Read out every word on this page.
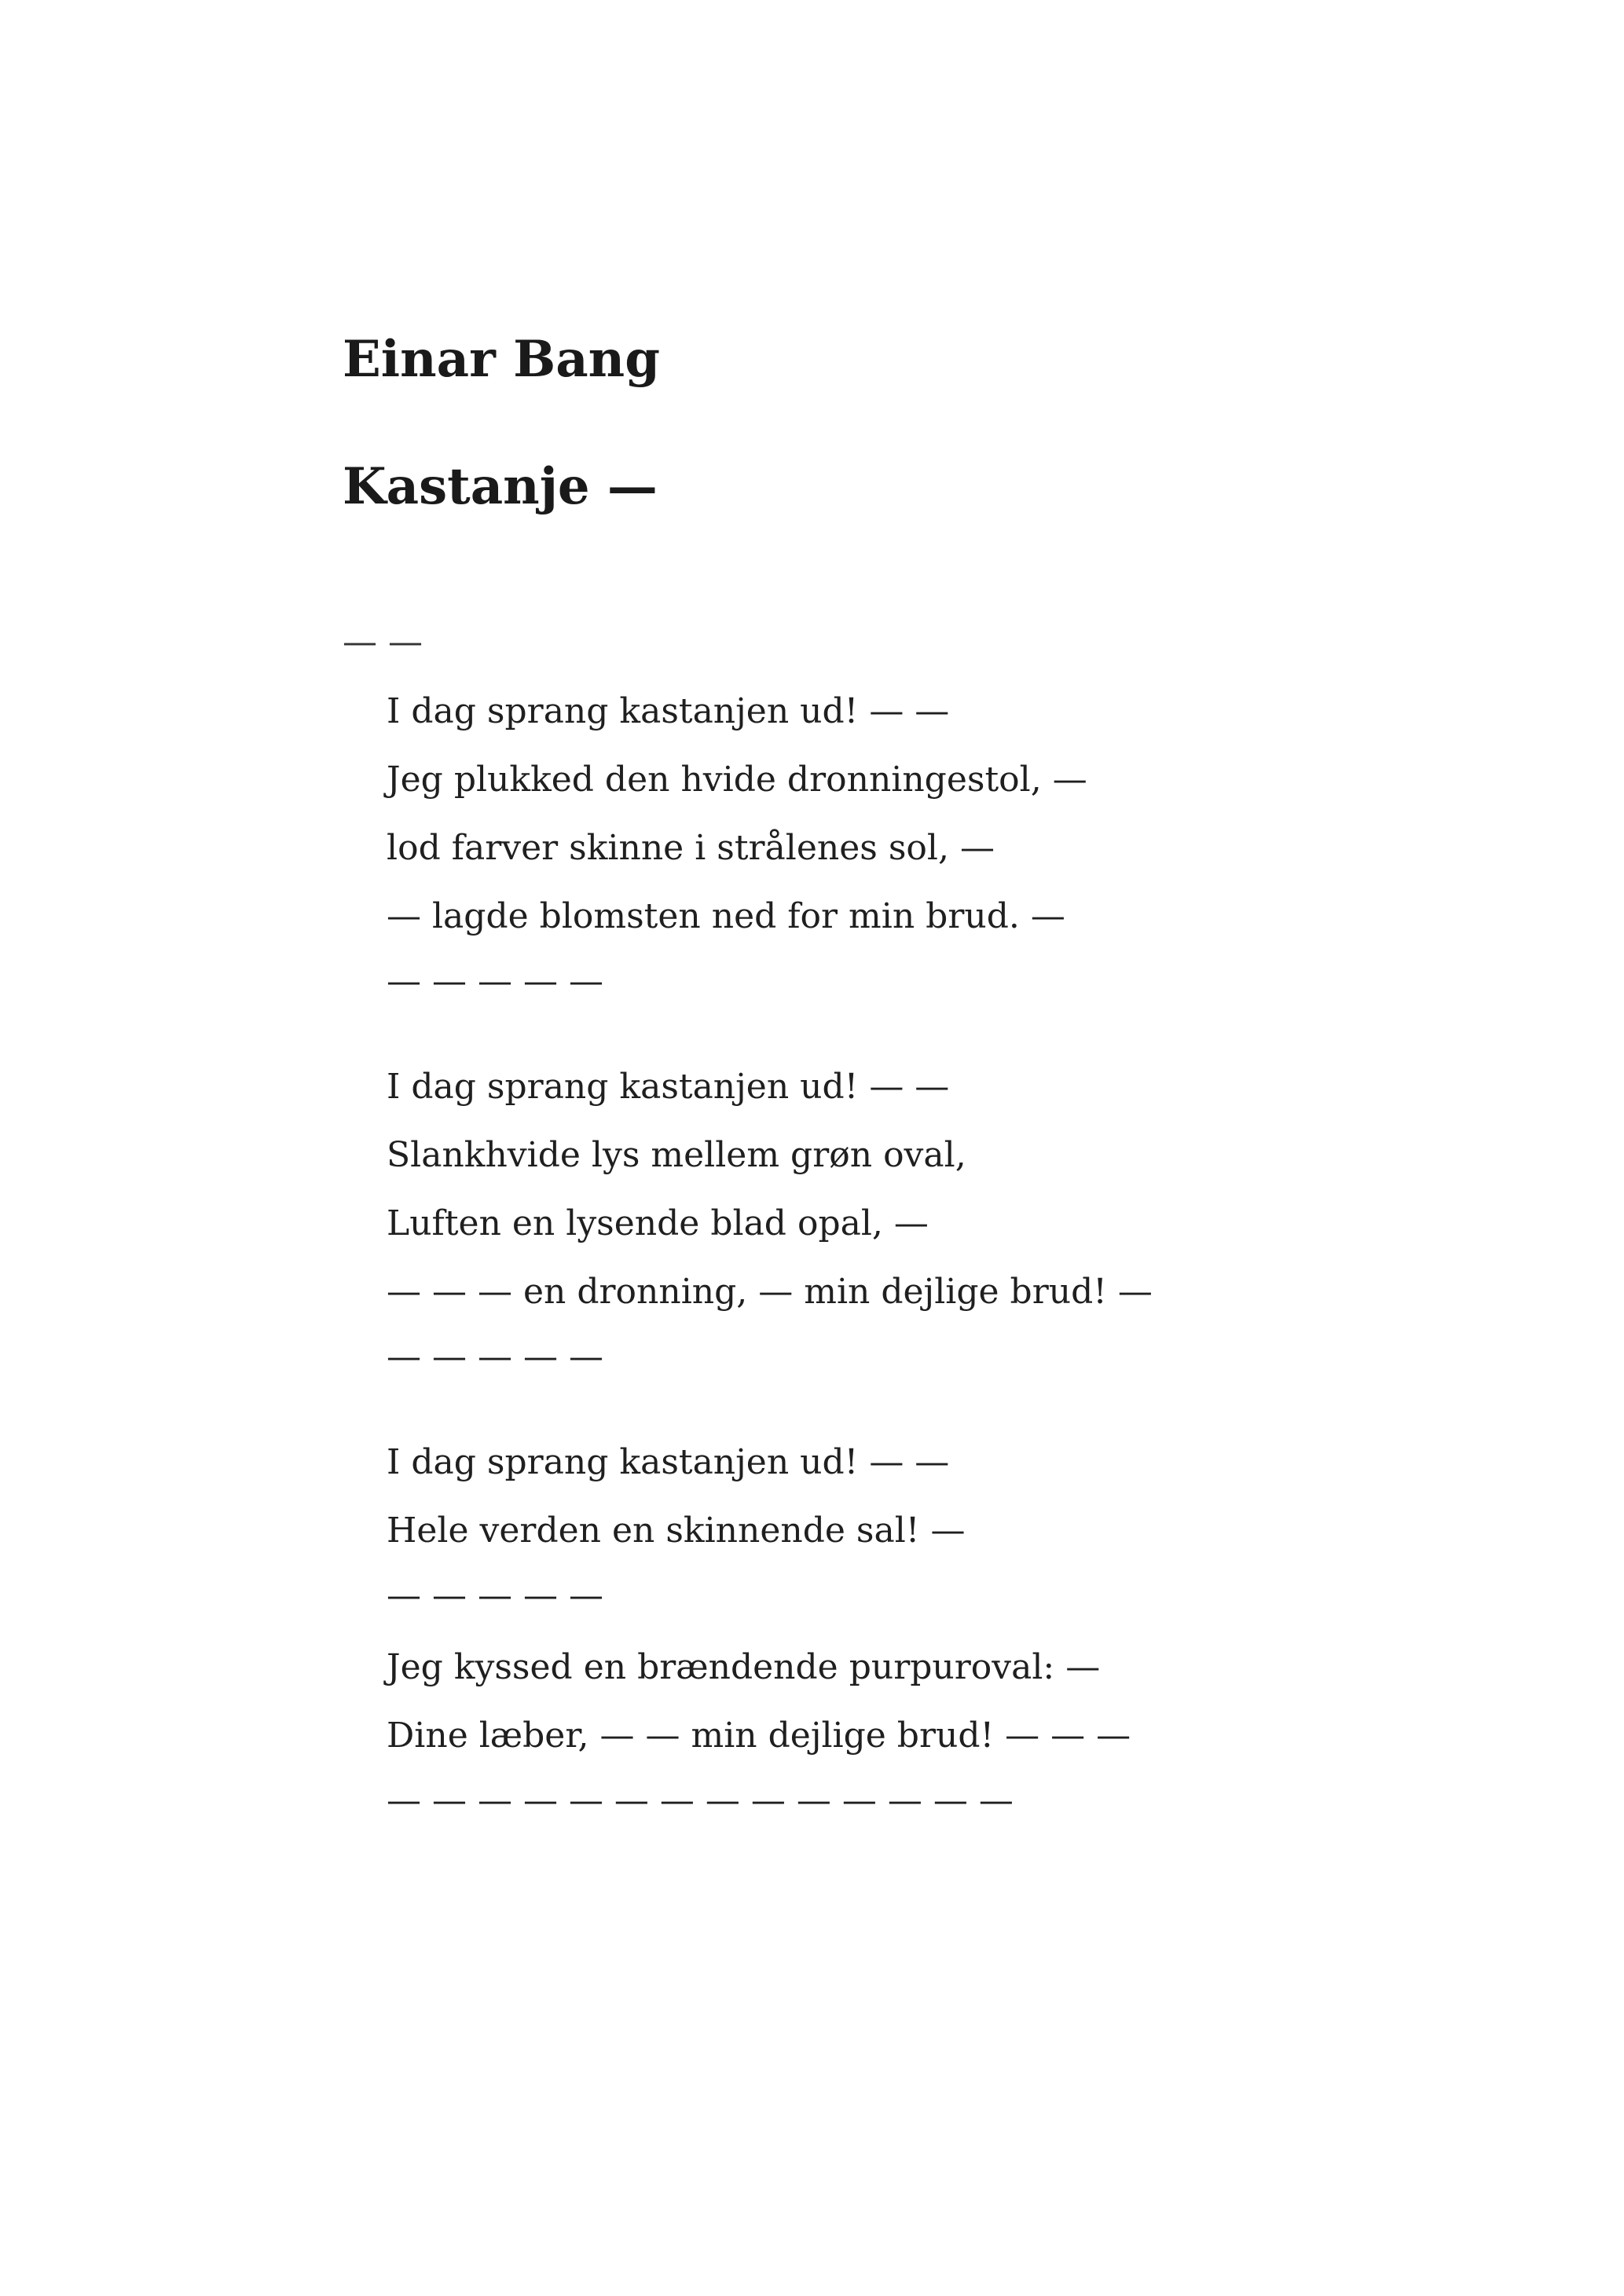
Einar Bang
Kastanje —
— —
I dag sprang kastanjen ud! — —
Jeg plukked den hvide dronningestol, —
lod farver skinne i strålenes sol, —
— lagde blomsten ned for min brud. —
— — — — —
I dag sprang kastanjen ud! — —
Slankhvide lys mellem grøn oval,
Luften en lysende blad opal, —
— — — en dronning, — min dejlige brud! —
— — — — —
I dag sprang kastanjen ud! — —
Hele verden en skinnende sal! —
— — — — —
Jeg kyssed en brændende purpuroval: —
Dine læber, — — min dejlige brud! — — —
— — — — — — — — — — — — — —
